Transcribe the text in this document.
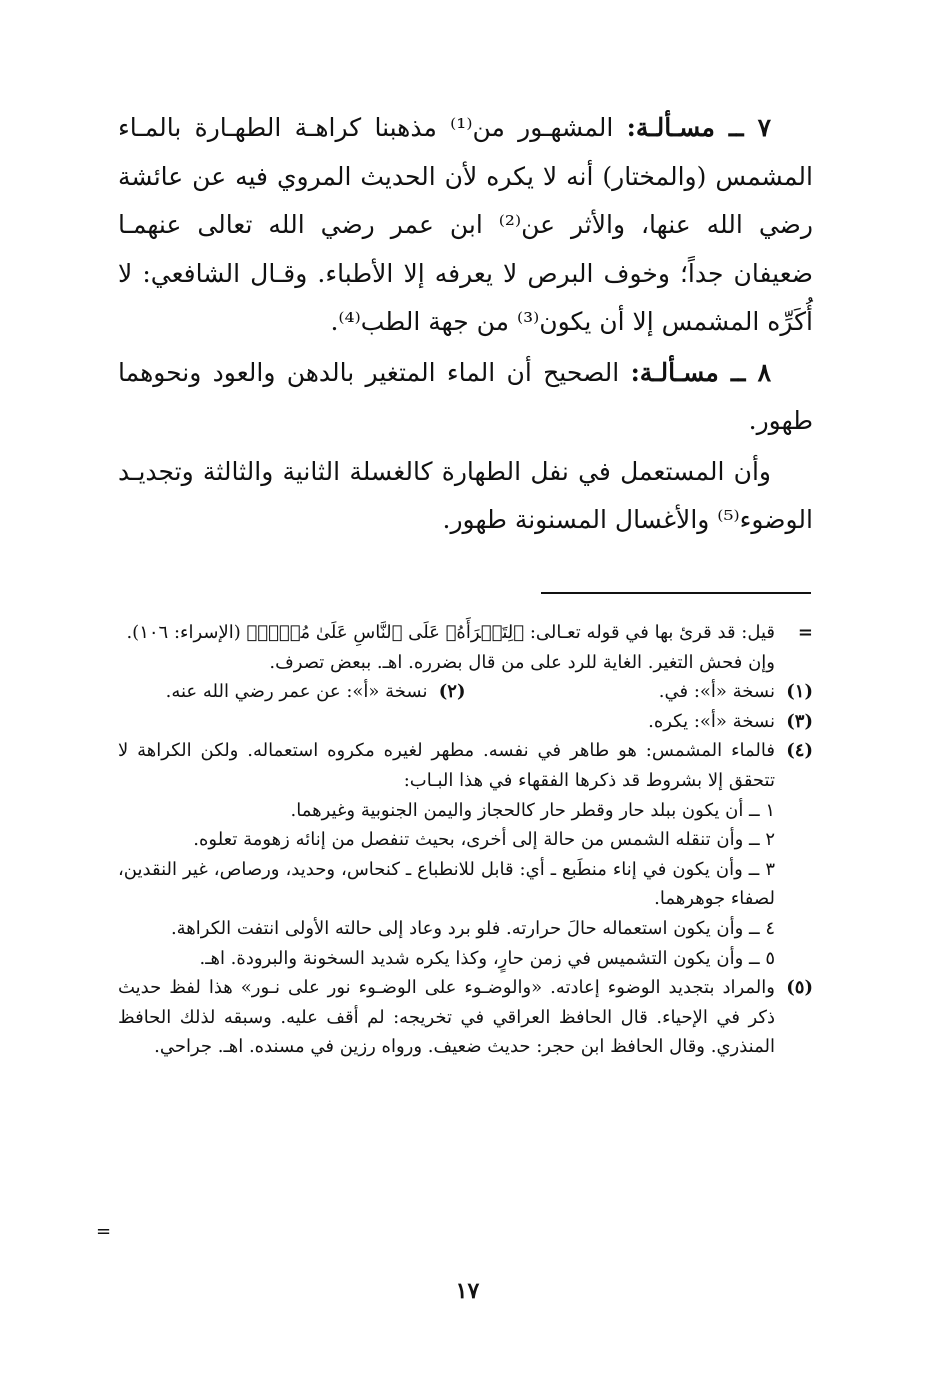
٧ ــ مسـألـة: المشهـور من⁽¹⁾ مذهبنا كراهـة الطهـارة بالمـاء المشمس (والمختار) أنه لا يكره لأن الحديث المروي فيه عن عائشة رضي الله عنها، والأثر عن⁽²⁾ ابن عمر رضي الله تعالى عنهمـا ضعيفان جداً؛ وخوف البرص لا يعرفه إلا الأطباء. وقـال الشافعي: لا أُكَرِّه المشمس إلا أن يكون⁽³⁾ من جهة الطب⁽⁴⁾.

٨ ــ مسـألـة: الصحيح أن الماء المتغير بالدهن والعود ونحوهما طهور.

وأن المستعمل في نفل الطهارة كالغسلة الثانية والثالثة وتجديـد الوضوء⁽⁵⁾ والأغسال المسنونة طهور.

=
قيل: قد قرئ بها في قوله تعـالى: ﴿لِتَقۡرَأَهُۥ عَلَى ٱلنَّاسِ عَلَىٰ مُكۡثٖ﴾ (الإسراء: ١٠٦).
وإن فحش التغير. الغاية للرد على من قال بضرره. اهـ. ببعض تصرف.
(١)
نسخة «أ»: في.
(٢)
نسخة «أ»: عن عمر رضي الله عنه.
(٣)
نسخة «أ»: يكره.
(٤)
فالماء المشمس: هو طاهر في نفسه. مطهر لغيره مكروه استعماله. ولكن الكراهة لا تتحقق إلا بشروط قد ذكرها الفقهاء في هذا البـاب:
١ ــ أن يكون ببلد حار وقطر حار كالحجاز واليمن الجنوبية وغيرهما.
٢ ــ وأن تنقله الشمس من حالة إلى أخرى، بحيث تنفصل من إنائه زهومة تعلوه.
٣ ــ وأن يكون في إناء منطَبع ـ أي: قابل للانطباع ـ كنحاس، وحديد، ورصاص، غير النقدين، لصفاء جوهرهما.
٤ ــ وأن يكون استعماله حالَ حرارته. فلو برد وعاد إلى حالته الأولى انتفت الكراهة.
٥ ــ وأن يكون التشميس في زمن حارٍ، وكذا يكره شديد السخونة والبرودة. اهـ.
(٥)
والمراد بتجديد الوضوء إعادته. «والوضـوء على الوضـوء نور على نـور» هذا لفظ حديث ذكر في الإحياء. قال الحافظ العراقي في تخريجه: لم أقف عليه. وسبقه لذلك الحافظ المنذري. وقال الحافظ ابن حجر: حديث ضعيف. ورواه رزين في مسنده. اهـ. جراحي.
=
١٧
